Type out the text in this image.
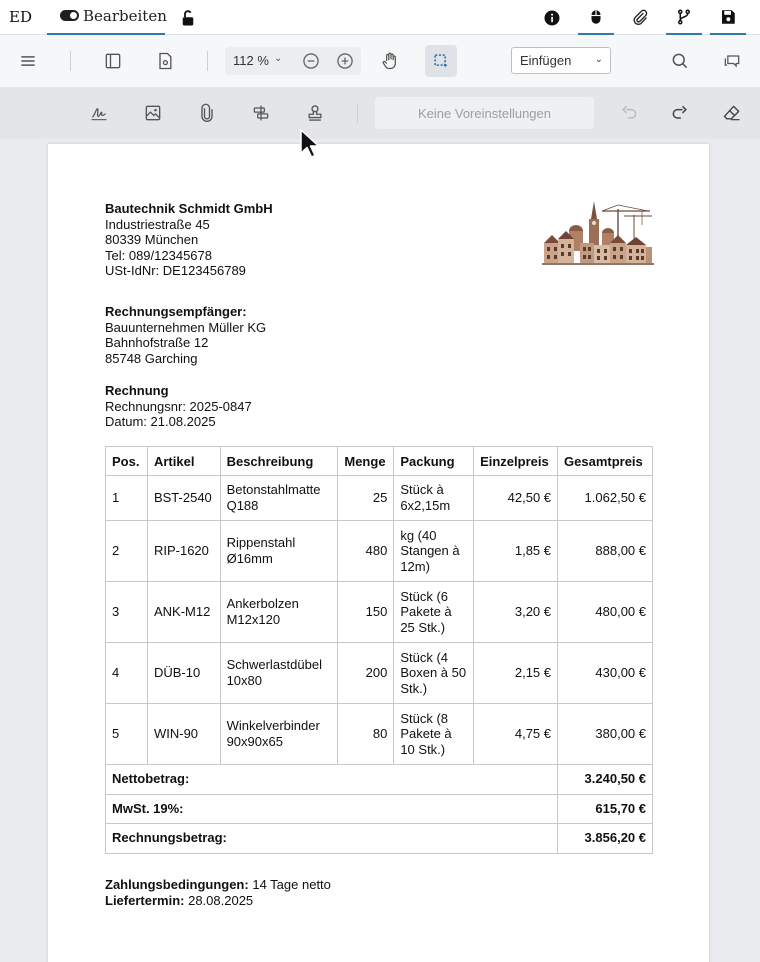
ED	Bearbeiten
112 % ⌄	Einfügen ⌄
Keine Voreinstellungen
Bautechnik Schmidt GmbH
Industriestraße 45
80339 München
Tel: 089/12345678
USt-IdNr: DE123456789
Rechnungsempfänger:
Bauunternehmen Müller KG
Bahnhofstraße 12
85748 Garching
Rechnung
Rechnungsnr: 2025-0847
Datum: 21.08.2025
Pos.	Artikel	Beschreibung	Menge	Packung	Einzelpreis	Gesamtpreis
1	BST-2540	Betonstahlmatte Q188	25	Stück à 6x2,15m	42,50 €	1.062,50 €
2	RIP-1620	Rippenstahl Ø16mm	480	kg (40 Stangen à 12m)	1,85 €	888,00 €
3	ANK-M12	Ankerbolzen M12x120	150	Stück (6 Pakete à 25 Stk.)	3,20 €	480,00 €
4	DÜB-10	Schwerlastdübel 10x80	200	Stück (4 Boxen à 50 Stk.)	2,15 €	430,00 €
5	WIN-90	Winkelverbinder 90x90x65	80	Stück (8 Pakete à 10 Stk.)	4,75 €	380,00 €
Nettobetrag:						3.240,50 €
MwSt. 19%:						615,70 €
Rechnungsbetrag:						3.856,20 €
Zahlungsbedingungen: 14 Tage netto
Liefertermin: 28.08.2025
